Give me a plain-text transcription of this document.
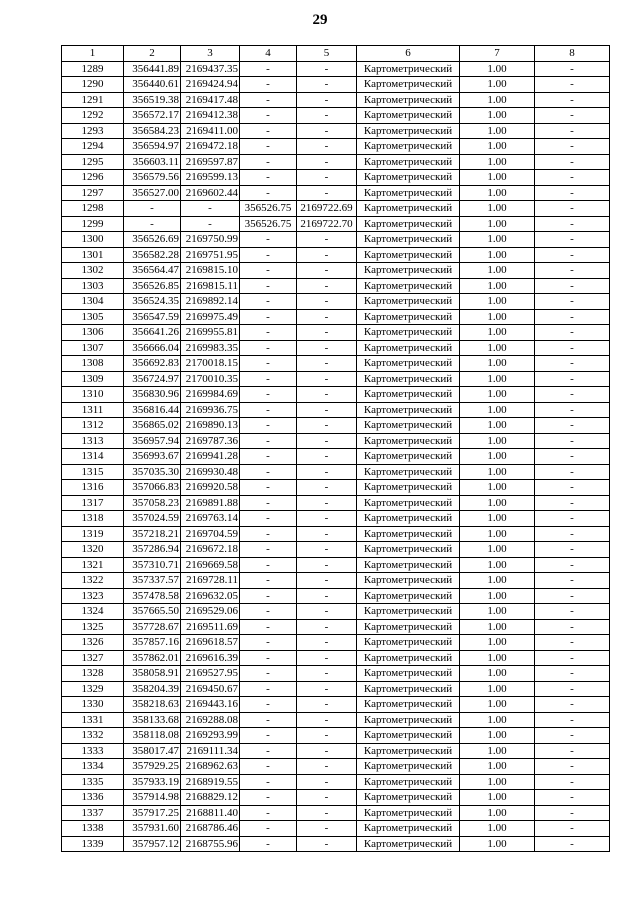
29
1	2	3	4	5	6	7	8
1289	356441.89	2169437.35	-	-	Картометрический	1.00	-
1290	356440.61	2169424.94	-	-	Картометрический	1.00	-
1291	356519.38	2169417.48	-	-	Картометрический	1.00	-
1292	356572.17	2169412.38	-	-	Картометрический	1.00	-
1293	356584.23	2169411.00	-	-	Картометрический	1.00	-
1294	356594.97	2169472.18	-	-	Картометрический	1.00	-
1295	356603.11	2169597.87	-	-	Картометрический	1.00	-
1296	356579.56	2169599.13	-	-	Картометрический	1.00	-
1297	356527.00	2169602.44	-	-	Картометрический	1.00	-
1298	-	-	356526.75	2169722.69	Картометрический	1.00	-
1299	-	-	356526.75	2169722.70	Картометрический	1.00	-
1300	356526.69	2169750.99	-	-	Картометрический	1.00	-
1301	356582.28	2169751.95	-	-	Картометрический	1.00	-
1302	356564.47	2169815.10	-	-	Картометрический	1.00	-
1303	356526.85	2169815.11	-	-	Картометрический	1.00	-
1304	356524.35	2169892.14	-	-	Картометрический	1.00	-
1305	356547.59	2169975.49	-	-	Картометрический	1.00	-
1306	356641.26	2169955.81	-	-	Картометрический	1.00	-
1307	356666.04	2169983.35	-	-	Картометрический	1.00	-
1308	356692.83	2170018.15	-	-	Картометрический	1.00	-
1309	356724.97	2170010.35	-	-	Картометрический	1.00	-
1310	356830.96	2169984.69	-	-	Картометрический	1.00	-
1311	356816.44	2169936.75	-	-	Картометрический	1.00	-
1312	356865.02	2169890.13	-	-	Картометрический	1.00	-
1313	356957.94	2169787.36	-	-	Картометрический	1.00	-
1314	356993.67	2169941.28	-	-	Картометрический	1.00	-
1315	357035.30	2169930.48	-	-	Картометрический	1.00	-
1316	357066.83	2169920.58	-	-	Картометрический	1.00	-
1317	357058.23	2169891.88	-	-	Картометрический	1.00	-
1318	357024.59	2169763.14	-	-	Картометрический	1.00	-
1319	357218.21	2169704.59	-	-	Картометрический	1.00	-
1320	357286.94	2169672.18	-	-	Картометрический	1.00	-
1321	357310.71	2169669.58	-	-	Картометрический	1.00	-
1322	357337.57	2169728.11	-	-	Картометрический	1.00	-
1323	357478.58	2169632.05	-	-	Картометрический	1.00	-
1324	357665.50	2169529.06	-	-	Картометрический	1.00	-
1325	357728.67	2169511.69	-	-	Картометрический	1.00	-
1326	357857.16	2169618.57	-	-	Картометрический	1.00	-
1327	357862.01	2169616.39	-	-	Картометрический	1.00	-
1328	358058.91	2169527.95	-	-	Картометрический	1.00	-
1329	358204.39	2169450.67	-	-	Картометрический	1.00	-
1330	358218.63	2169443.16	-	-	Картометрический	1.00	-
1331	358133.68	2169288.08	-	-	Картометрический	1.00	-
1332	358118.08	2169293.99	-	-	Картометрический	1.00	-
1333	358017.47	2169111.34	-	-	Картометрический	1.00	-
1334	357929.25	2168962.63	-	-	Картометрический	1.00	-
1335	357933.19	2168919.55	-	-	Картометрический	1.00	-
1336	357914.98	2168829.12	-	-	Картометрический	1.00	-
1337	357917.25	2168811.40	-	-	Картометрический	1.00	-
1338	357931.60	2168786.46	-	-	Картометрический	1.00	-
1339	357957.12	2168755.96	-	-	Картометрический	1.00	-
